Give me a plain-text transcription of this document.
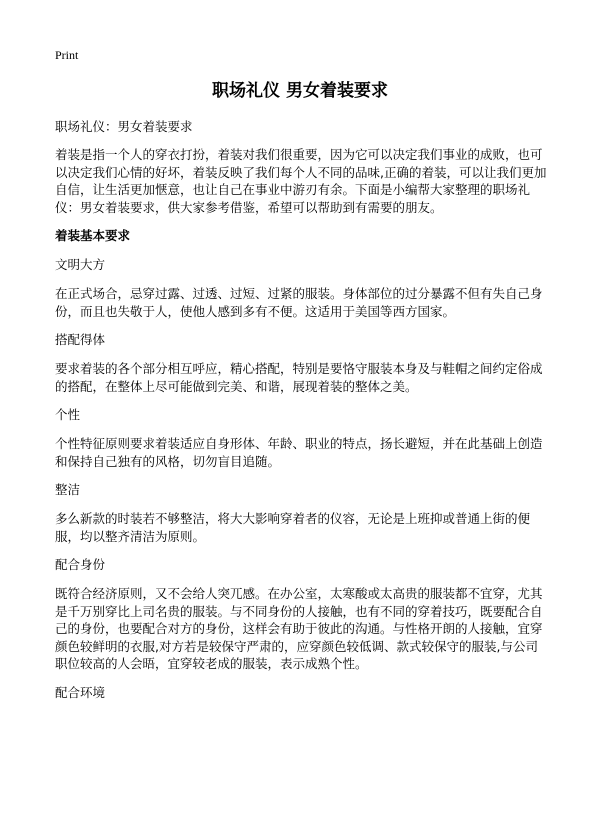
Print
职场礼仪 男女着装要求
职场礼仪：男女着装要求
着装是指一个人的穿衣打扮，着装对我们很重要，因为它可以决定我们事业的成败，也可以决定我们心情的好坏，着装反映了我们每个人不同的品味,正确的着装，可以让我们更加自信，让生活更加惬意，也让自己在事业中游刃有余。下面是小编帮大家整理的职场礼仪：男女着装要求，供大家参考借鉴，希望可以帮助到有需要的朋友。
着装基本要求
文明大方
在正式场合，忌穿过露、过透、过短、过紧的服装。身体部位的过分暴露不但有失自己身份，而且也失敬于人，使他人感到多有不便。这适用于美国等西方国家。
搭配得体
要求着装的各个部分相互呼应，精心搭配，特别是要恪守服装本身及与鞋帽之间约定俗成的搭配，在整体上尽可能做到完美、和谐，展现着装的整体之美。
个性
个性特征原则要求着装适应自身形体、年龄、职业的特点，扬长避短，并在此基础上创造和保持自己独有的风格，切勿盲目追随。
整洁
多么新款的时装若不够整洁，将大大影响穿着者的仪容，无论是上班抑或普通上街的便服，均以整齐清洁为原则。
配合身份
既符合经济原则，又不会给人突兀感。在办公室，太寒酸或太高贵的服装都不宜穿，尤其是千万别穿比上司名贵的服装。与不同身份的人接触，也有不同的穿着技巧，既要配合自己的身份，也要配合对方的身份，这样会有助于彼此的沟通。与性格开朗的人接触，宜穿颜色较鲜明的衣服,对方若是较保守严肃的，应穿颜色较低调、款式较保守的服装,与公司职位较高的人会晤，宜穿较老成的服装，表示成熟个性。
配合环境
